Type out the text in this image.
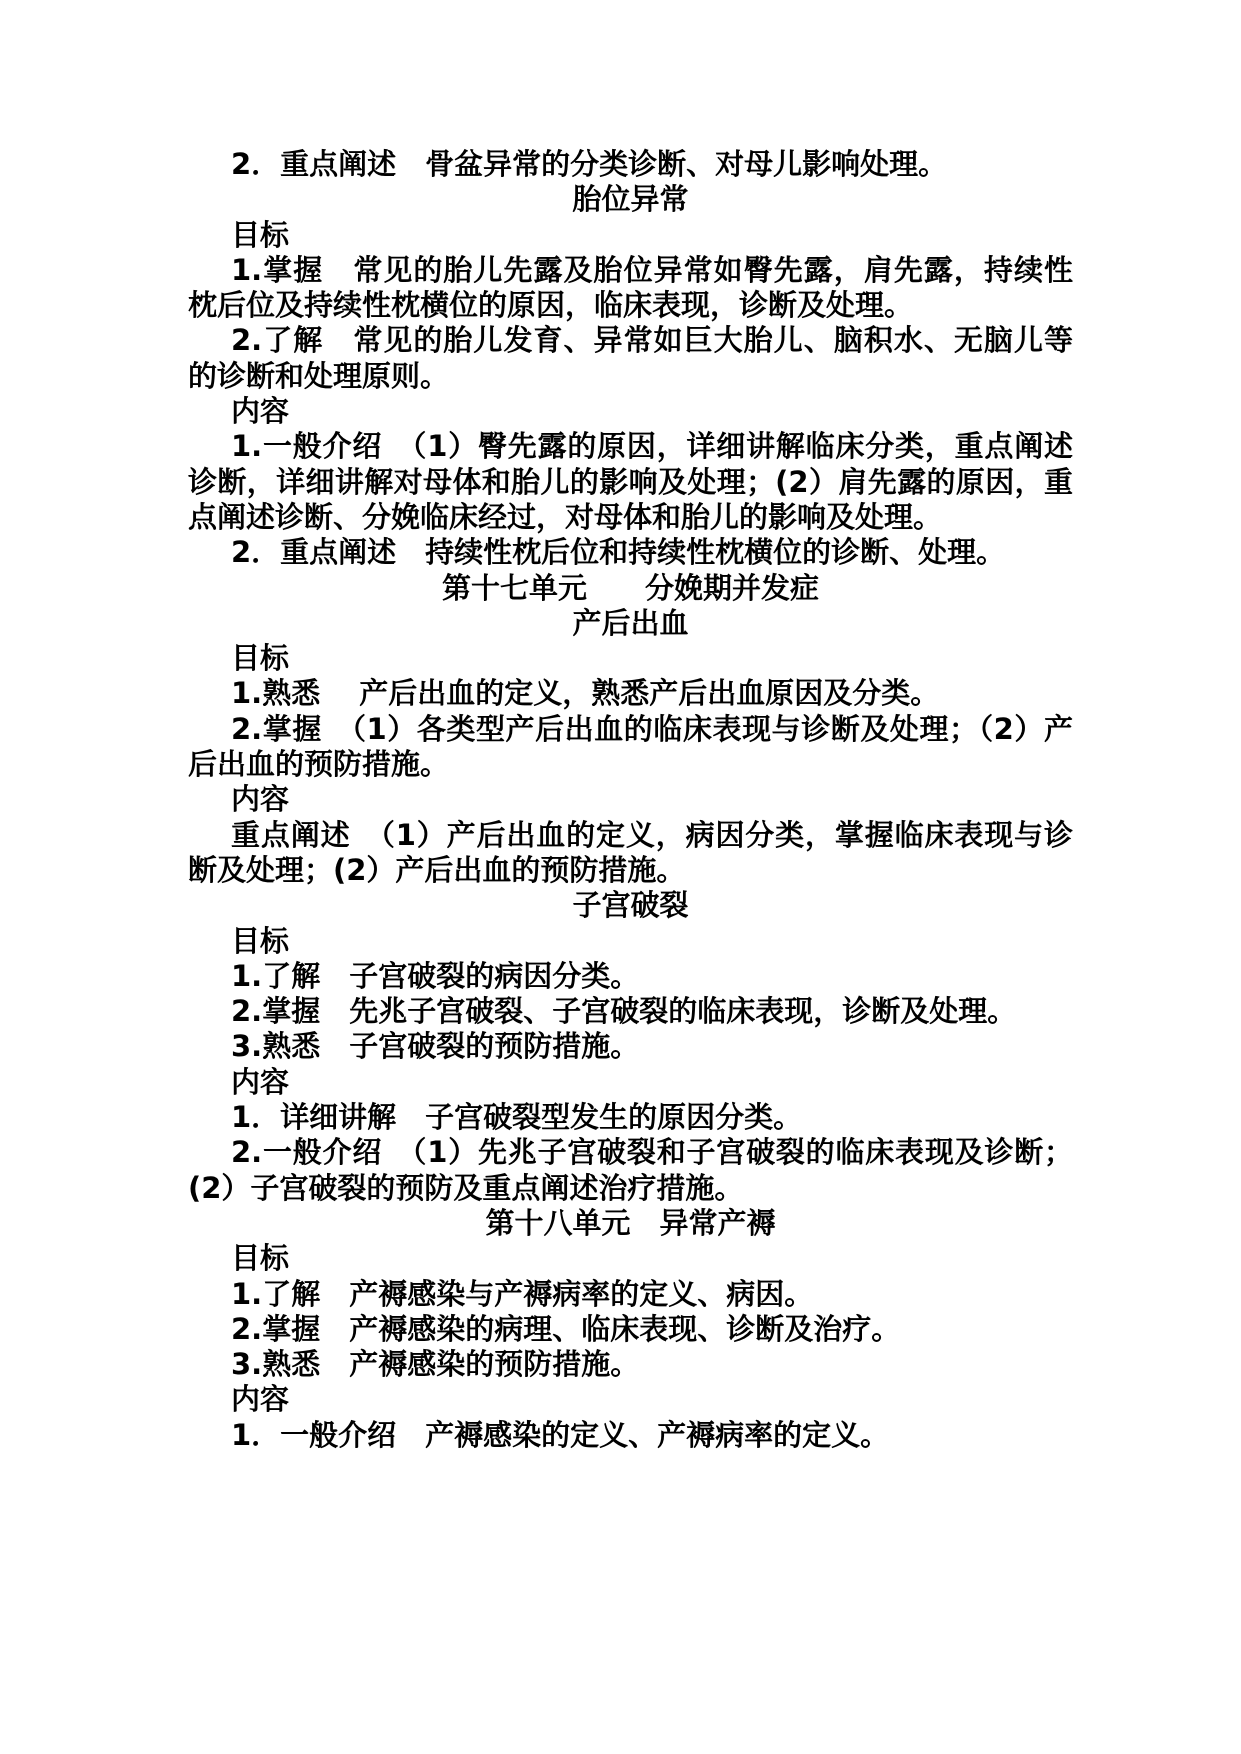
2．重点阐述　骨盆异常的分类诊断、对母儿影响处理。

胎位异常

目标

1.掌握　常见的胎儿先露及胎位异常如臀先露，肩先露，持续性枕后位及持续性枕横位的原因，临床表现，诊断及处理。

2.了解　常见的胎儿发育、异常如巨大胎儿、脑积水、无脑儿等的诊断和处理原则。

内容

1.一般介绍　（1）臀先露的原因，详细讲解临床分类，重点阐述诊断，详细讲解对母体和胎儿的影响及处理；(2）肩先露的原因，重点阐述诊断、分娩临床经过，对母体和胎儿的影响及处理。

2．重点阐述　持续性枕后位和持续性枕横位的诊断、处理。

第十七单元　　分娩期并发症

产后出血

目标

1.熟悉　 产后出血的定义，熟悉产后出血原因及分类。

2.掌握　（1）各类型产后出血的临床表现与诊断及处理；（2）产后出血的预防措施。

内容

重点阐述　（1）产后出血的定义，病因分类，掌握临床表现与诊断及处理；(2）产后出血的预防措施。

子宫破裂

目标

1.了解　子宫破裂的病因分类。

2.掌握　先兆子宫破裂、子宫破裂的临床表现，诊断及处理。

3.熟悉　子宫破裂的预防措施。

内容

1．详细讲解　子宫破裂型发生的原因分类。

2.一般介绍　（1）先兆子宫破裂和子宫破裂的临床表现及诊断；(2）子宫破裂的预防及重点阐述治疗措施。

第十八单元　异常产褥

目标

1.了解　产褥感染与产褥病率的定义、病因。

2.掌握　产褥感染的病理、临床表现、诊断及治疗。

3.熟悉　产褥感染的预防措施。

内容

1．一般介绍　产褥感染的定义、产褥病率的定义。
